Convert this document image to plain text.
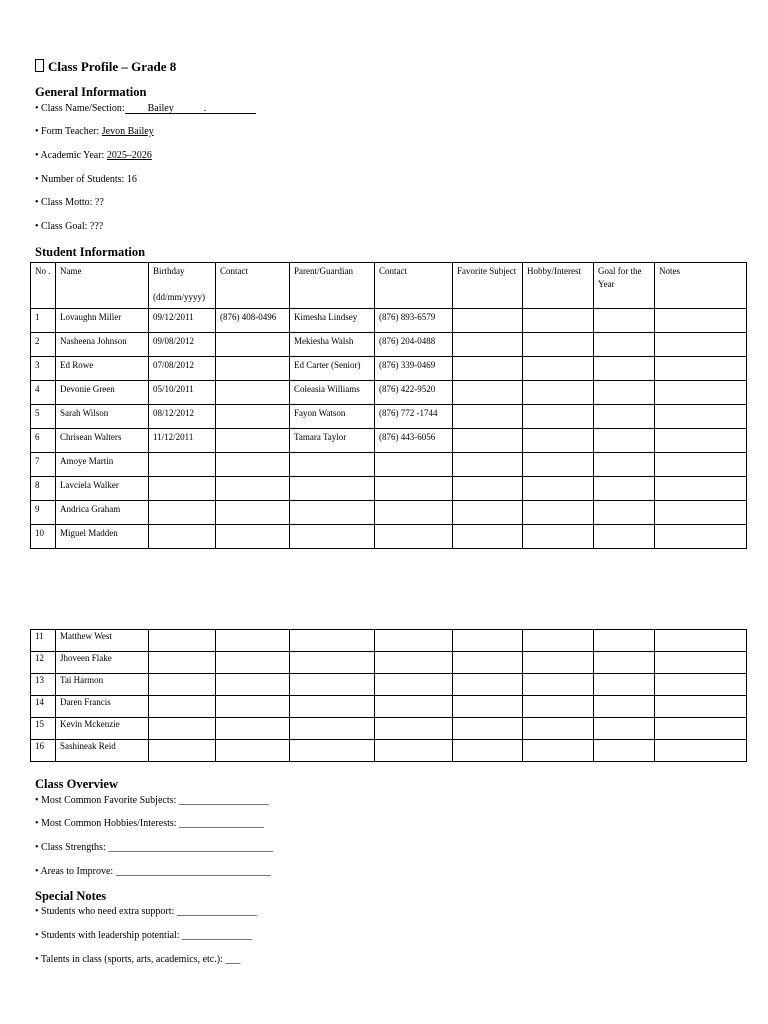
Class Profile – Grade 8
General Information
• Class Name/Section: Bailey	.
• Form Teacher: Jevon Bailey
• Academic Year: 2025–2026
• Number of Students: 16
• Class Motto: ??
• Class Goal: ???
Student Information
No .	Name	Birthday

(dd/mm/yyyy)	Contact	Parent/Guardian	Contact	Favorite Subject	Hobby/Interest	Goal for the Year	Notes
1	Lovaughn Miller	09/12/2011	(876) 408-0496	Kimesha Lindsey	(876) 893-6579				
2	Nasheena Johnson	09/08/2012		Mekiesha Walsh	(876) 204-0488				
3	Ed Rowe	07/08/2012		Ed Carter (Senior)	(876) 339-0469				
4	Devonie Green	05/10/2011		Coleasia Williams	(876) 422-9520				
5	Sarah Wilson	08/12/2012		Fayon Watson	(876) 772 -1744				
6	Chrisean Walters	11/12/2011		Tamara Taylor	(876) 443-6056				
7	Amoye Martin								
8	Lavciela Walker								
9	Andrica Graham								
10	Miguel Madden								
11	Matthew West								
12	Jhoveen Flake								
13	Tai Harmon								
14	Daren Francis								
15	Kevin Mckenzie								
16	Sashineak Reid								
Class Overview
• Most Common Favorite Subjects: __________________
• Most Common Hobbies/Interests: _________________
• Class Strengths: _________________________________
• Areas to Improve: _______________________________
Special Notes
• Students who need extra support: ________________
• Students with leadership potential: ______________
• Talents in class (sports, arts, academics, etc.): ___
